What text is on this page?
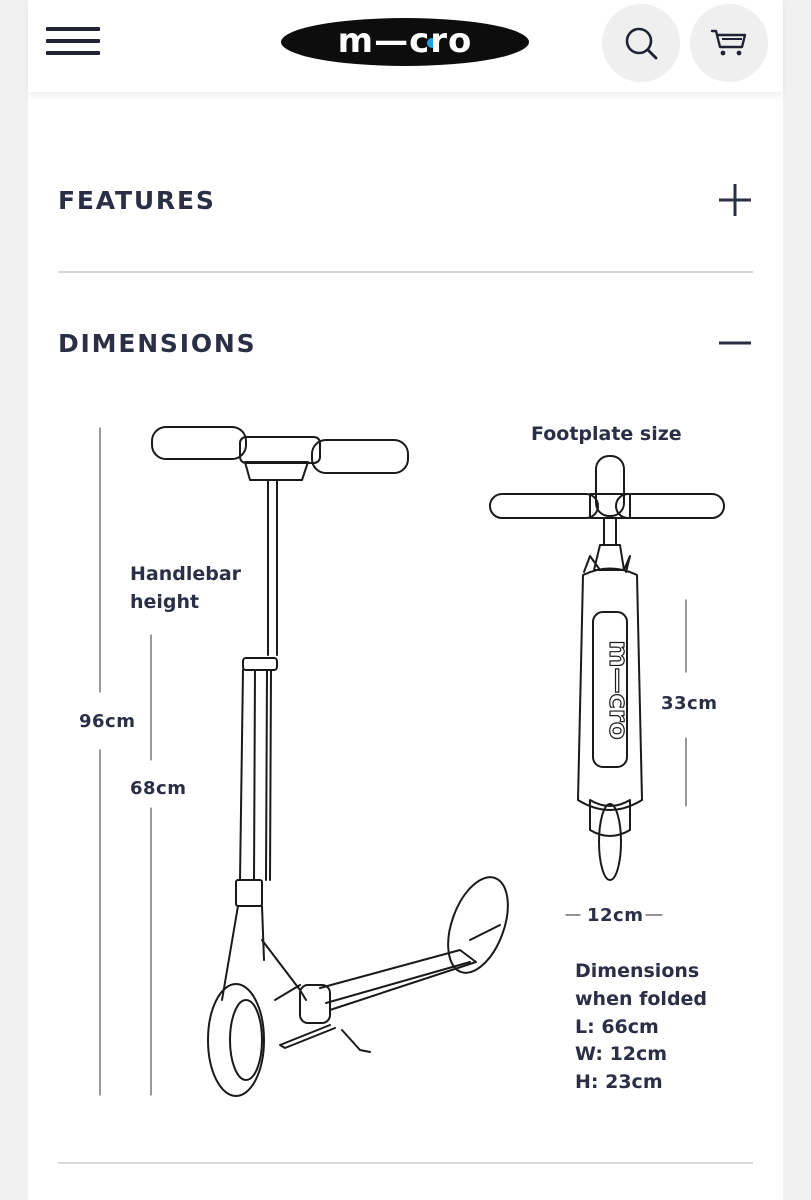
m—cro
FEATURES
DIMENSIONS
m—cro
Handlebar
height
96cm
68cm
Footplate size
33cm
12cm
Dimensions
when folded
L: 66cm
W: 12cm
H: 23cm
